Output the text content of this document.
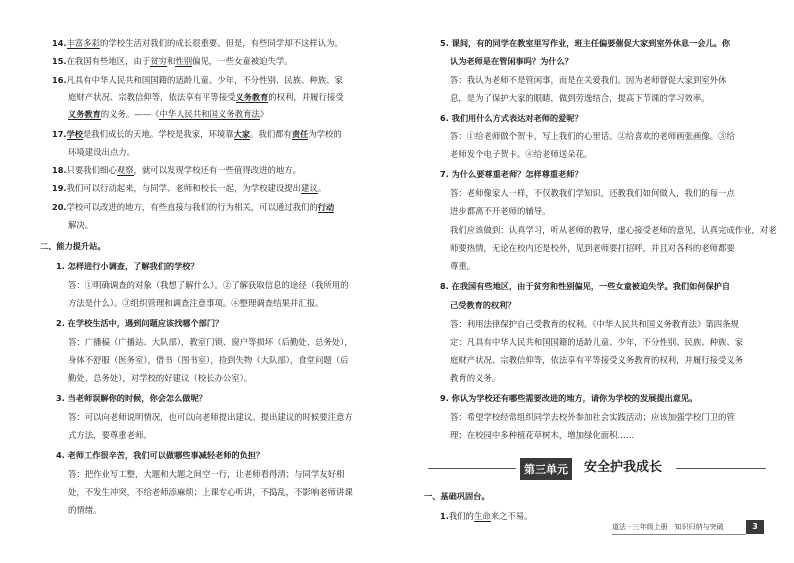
14.丰富多彩的学校生活对我们的成长很重要。但是，有些同学却不这样认为。
15.在我国有些地区，由于贫穷和性别偏见，一些女童被迫失学。
16.凡具有中华人民共和国国籍的适龄儿童、少年，不分性别、民族、种族、家
庭财产状况、宗教信仰等，依法享有平等接受义务教育的权利，并履行接受
义务教育的义务。——《中华人民共和国义务教育法》
17.学校是我们成长的天地。学校是我家，环境靠大家。我们都有责任为学校的
环境建设出点力。
18.只要我们细心观察，就可以发现学校还有一些值得改进的地方。
19.我们可以行动起来，与同学、老师和校长一起，为学校建设提出建议。
20.学校可以改进的地方，有些直接与我们的行为相关，可以通过我们的行动
解决。
二、能力提升站。
1. 怎样进行小调查，了解我们的学校？
答：①明确调查的对象（我想了解什么）。②了解获取信息的途径（我所用的
方法是什么）。③组织管理和调查注意事项。④整理调查结果并汇报。
2. 在学校生活中，遇到问题应该找哪个部门？
答：广播稿（广播站、大队部），教室门锁、窗户等损坏（后勤处、总务处），
身体不舒服（医务室），借书（图书室），捡到失物（大队部），食堂问题（后
勤处、总务处），对学校的好建议（校长办公室）。
3. 当老师误解你的时候，你会怎么做呢？
答：可以向老师说明情况，也可以向老师提出建议。提出建议的时候要注意方
式方法，要尊重老师。
4. 老师工作很辛苦，我们可以做哪些事减轻老师的负担？
答：把作业写工整，大题和大题之间空一行，让老师看得清；与同学友好相
处，不发生冲突，不给老师添麻烦；上课专心听讲，不捣乱，不影响老师讲课
的情绪。
5. 课间，有的同学在教室里写作业，班主任偏要催促大家到室外休息一会儿。你
认为老师是在管闲事吗？为什么？
答：我认为老师不是管闲事，而是在关爱我们。因为老师督促大家到室外休
息，是为了保护大家的眼睛，做到劳逸结合，提高下节课的学习效率。
6. 我们用什么方式表达对老师的爱呢？
答：①给老师做个贺卡，写上我们的心里话。②给喜欢的老师画张画像。③给
老师发个电子贺卡。④给老师送朵花。
7. 为什么要尊重老师？怎样尊重老师？
答：老师像家人一样，不仅教我们学知识，还教我们如何做人，我们的每一点
进步都离不开老师的辅导。
我们应该做到：认真学习，听从老师的教导，虚心接受老师的意见，认真完成作业，对老
师要热情，无论在校内还是校外，见到老师要打招呼，并且对各科的老师都要
尊重。
8. 在我国有些地区，由于贫穷和性别偏见，一些女童被迫失学。我们如何保护自
己受教育的权利？
答：利用法律保护自己受教育的权利。《中华人民共和国义务教育法》第四条规
定：凡具有中华人民共和国国籍的适龄儿童、少年，不分性别、民族、种族、家
庭财产状况、宗教信仰等，依法享有平等接受义务教育的权利，并履行接受义务
教育的义务。
9. 你认为学校还有哪些需要改进的地方，请你为学校的发展提出意见。
答：希望学校经常组织同学去校外参加社会实践活动；应该加强学校门卫的管
理；在校园中多种植花草树木，增加绿化面积……
第三单元	安全护我成长
一、基础巩固台。
1.我们的生命来之不易。
道法 · 三年级上册　知识归纳与突破	3
